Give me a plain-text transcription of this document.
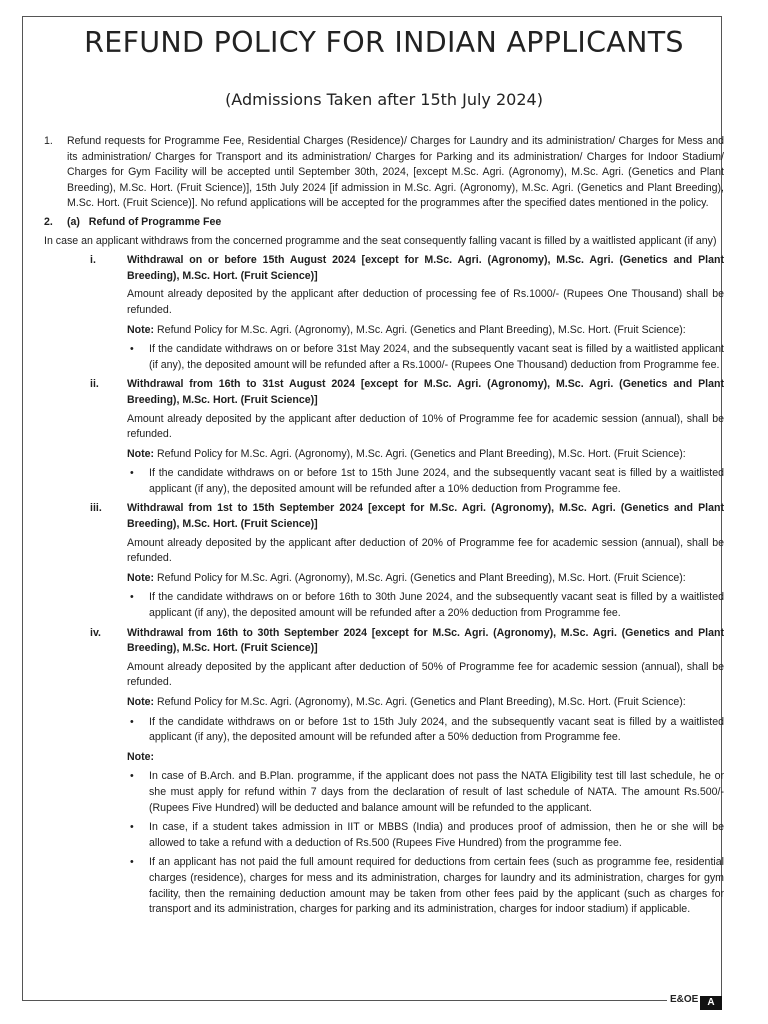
REFUND POLICY FOR INDIAN APPLICANTS
(Admissions Taken after 15th July 2024)

1. Refund requests for Programme Fee, Residential Charges (Residence)/ Charges for Laundry and its administration/ Charges for Mess and its administration/ Charges for Transport and its administration/ Charges for Parking and its administration/ Charges for Indoor Stadium/ Charges for Gym Facility will be accepted until September 30th, 2024, [except M.Sc. Agri. (Agronomy), M.Sc. Agri. (Genetics and Plant Breeding), M.Sc. Hort. (Fruit Science)], 15th July 2024 [if admission in M.Sc. Agri. (Agronomy), M.Sc. Agri. (Genetics and Plant Breeding), M.Sc. Hort. (Fruit Science)]. No refund applications will be accepted for the programmes after the specified dates mentioned in the policy.

2. (a) Refund of Programme Fee
In case an applicant withdraws from the concerned programme and the seat consequently falling vacant is filled by a waitlisted applicant (if any)
i.	Withdrawal on or before 15th August 2024 [except for M.Sc. Agri. (Agronomy), M.Sc. Agri. (Genetics and Plant Breeding), M.Sc. Hort. (Fruit Science)]
Amount already deposited by the applicant after deduction of processing fee of Rs.1000/- (Rupees One Thousand) shall be refunded.
Note: Refund Policy for M.Sc. Agri. (Agronomy), M.Sc. Agri. (Genetics and Plant Breeding), M.Sc. Hort. (Fruit Science):
• If the candidate withdraws on or before 31st May 2024, and the subsequently vacant seat is filled by a waitlisted applicant (if any), the deposited amount will be refunded after a Rs.1000/- (Rupees One Thousand) deduction from Programme fee.
ii.	Withdrawal from 16th to 31st August 2024 [except for M.Sc. Agri. (Agronomy), M.Sc. Agri. (Genetics and Plant Breeding), M.Sc. Hort. (Fruit Science)]
Amount already deposited by the applicant after deduction of 10% of Programme fee for academic session (annual), shall be refunded.
Note: Refund Policy for M.Sc. Agri. (Agronomy), M.Sc. Agri. (Genetics and Plant Breeding), M.Sc. Hort. (Fruit Science):
• If the candidate withdraws on or before 1st to 15th June 2024, and the subsequently vacant seat is filled by a waitlisted applicant (if any), the deposited amount will be refunded after a 10% deduction from Programme fee.
iii. Withdrawal from 1st to 15th September 2024 [except for M.Sc. Agri. (Agronomy), M.Sc. Agri. (Genetics and Plant Breeding), M.Sc. Hort. (Fruit Science)]
Amount already deposited by the applicant after deduction of 20% of Programme fee for academic session (annual), shall be refunded.
Note: Refund Policy for M.Sc. Agri. (Agronomy), M.Sc. Agri. (Genetics and Plant Breeding), M.Sc. Hort. (Fruit Science):
• If the candidate withdraws on or before 16th to 30th June 2024, and the subsequently vacant seat is filled by a waitlisted applicant (if any), the deposited amount will be refunded after a 20% deduction from Programme fee.
iv. Withdrawal from 16th to 30th September 2024 [except for M.Sc. Agri. (Agronomy), M.Sc. Agri. (Genetics and Plant Breeding), M.Sc. Hort. (Fruit Science)]
Amount already deposited by the applicant after deduction of 50% of Programme fee for academic session (annual), shall be refunded.
Note: Refund Policy for M.Sc. Agri. (Agronomy), M.Sc. Agri. (Genetics and Plant Breeding), M.Sc. Hort. (Fruit Science):
• If the candidate withdraws on or before 1st to 15th July 2024, and the subsequently vacant seat is filled by a waitlisted applicant (if any), the deposited amount will be refunded after a 50% deduction from Programme fee.
Note:
• In case of B.Arch. and B.Plan. programme, if the applicant does not pass the NATA Eligibility test till last schedule, he or she must apply for refund within 7 days from the declaration of result of last schedule of NATA. The amount Rs.500/- (Rupees Five Hundred) will be deducted and balance amount will be refunded to the applicant.
• In case, if a student takes admission in IIT or MBBS (India) and produces proof of admission, then he or she will be allowed to take a refund with a deduction of Rs.500 (Rupees Five Hundred) from the programme fee.
• If an applicant has not paid the full amount required for deductions from certain fees (such as programme fee, residential charges (residence), charges for mess and its administration, charges for laundry and its administration, charges for gym facility, then the remaining deduction amount may be taken from other fees paid by the applicant (such as charges for transport and its administration, charges for parking and its administration, charges for indoor stadium) if applicable.
E&OE A
